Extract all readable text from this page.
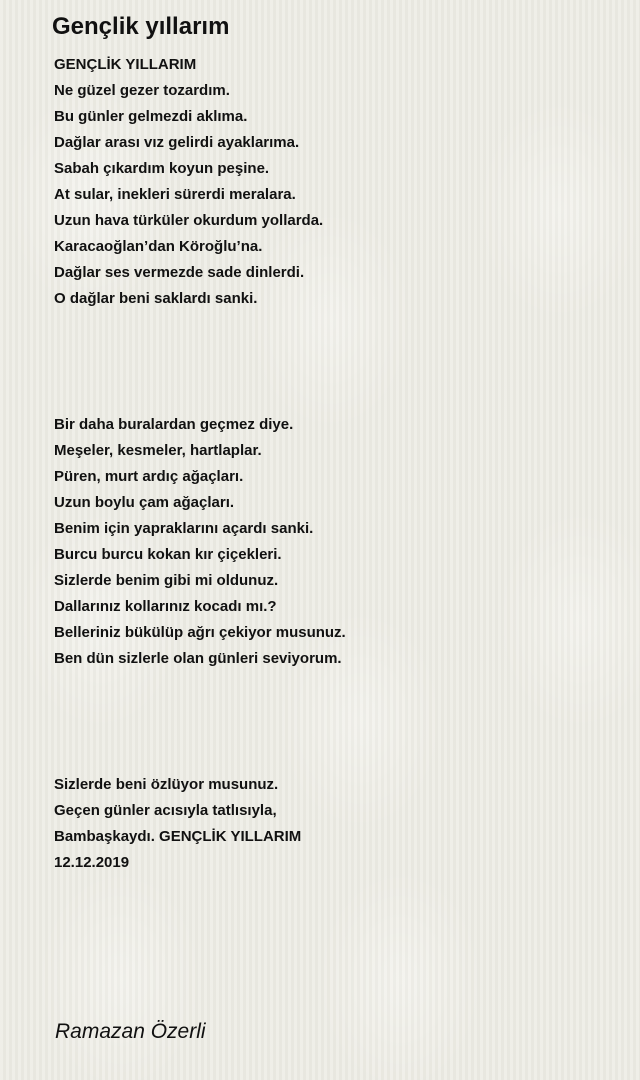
Gençlik yıllarım
GENÇLİK YILLARIM
Ne güzel gezer tozardım.
Bu günler gelmezdi aklıma.
Dağlar arası vız gelirdi ayaklarıma.
Sabah çıkardım koyun peşine.
At sular, inekleri sürerdi meralara.
Uzun hava türküler okurdum yollarda.
Karacaoğlan’dan Köroğlu’na.
Dağlar ses vermezde sade dinlerdi.
O dağlar beni saklardı sanki.
Bir daha buralardan geçmez diye.
Meşeler, kesmeler, hartlaplar.
Püren, murt ardıç ağaçları.
Uzun boylu çam ağaçları.
Benim için yapraklarını açardı sanki.
Burcu burcu kokan kır çiçekleri.
Sizlerde benim gibi mi oldunuz.
Dallarınız kollarınız kocadı mı.?
Belleriniz bükülüp ağrı çekiyor musunuz.
Ben dün sizlerle olan günleri seviyorum.
Sizlerde beni özlüyor musunuz.
Geçen günler acısıyla tatlısıyla,
Bambaşkaydı. GENÇLİK YILLARIM
12.12.2019
Ramazan Özerli
